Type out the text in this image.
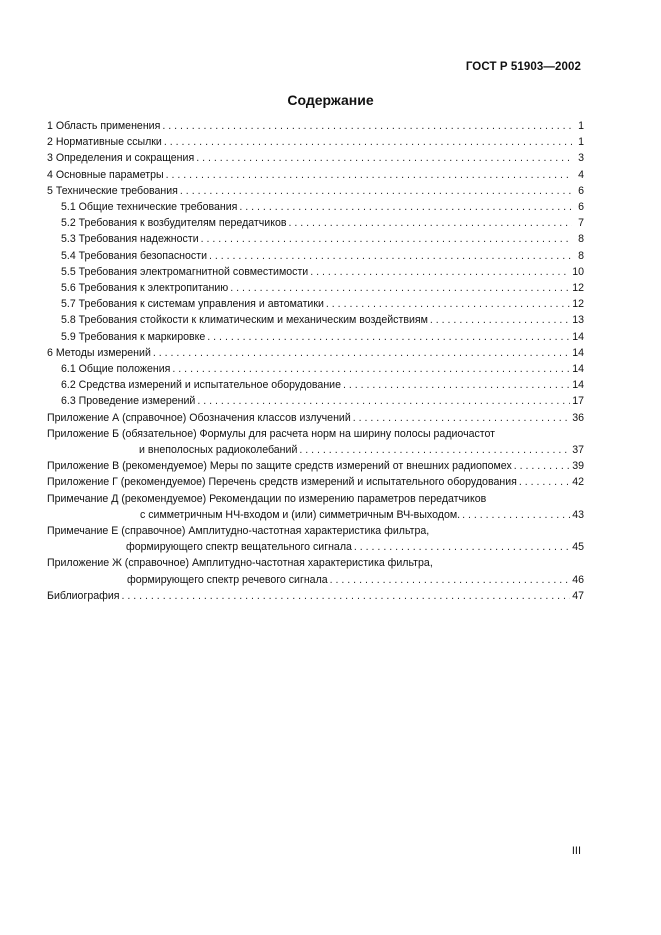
ГОСТ Р 51903—2002
Содержание
1 Область применения . . .	1
2 Нормативные ссылки . . .	1
3 Определения и сокращения . . .	3
4 Основные параметры . . .	4
5 Технические требования . . .	6
5.1 Общие технические требования . . .	6
5.2 Требования к возбудителям передатчиков . . .	7
5.3 Требования надежности . . .	8
5.4 Требования безопасности . . .	8
5.5 Требования электромагнитной совместимости . . .	10
5.6 Требования к электропитанию . . .	12
5.7 Требования к системам управления и автоматики . . .	12
5.8 Требования стойкости к климатическим и механическим воздействиям . . .	13
5.9 Требования к маркировке . . .	14
6 Методы измерений . . .	14
6.1 Общие положения . . .	14
6.2 Средства измерений и испытательное оборудование . . .	14
6.3 Проведение измерений . . .	17
Приложение А (справочное) Обозначения классов излучений . . .	36
Приложение Б (обязательное) Формулы для расчета норм на ширину полосы радиочастот
и внеполосных радиоколебаний . . .	37
Приложение В (рекомендуемое) Меры по защите средств измерений от внешних радиопомех . . .	39
Приложение Г (рекомендуемое) Перечень средств измерений и испытательного оборудования . . .	42
Примечание Д (рекомендуемое) Рекомендации по измерению параметров передатчиков
с симметричным НЧ-входом и (или) симметричным ВЧ-выходом. . . .	43
Примечание Е (справочное) Амплитудно-частотная характеристика фильтра,
формирующего спектр вещательного сигнала . . .	45
Приложение Ж (справочное) Амплитудно-частотная характеристика фильтра,
формирующего спектр речевого сигнала . . .	46
Библиография . . .	47
III
